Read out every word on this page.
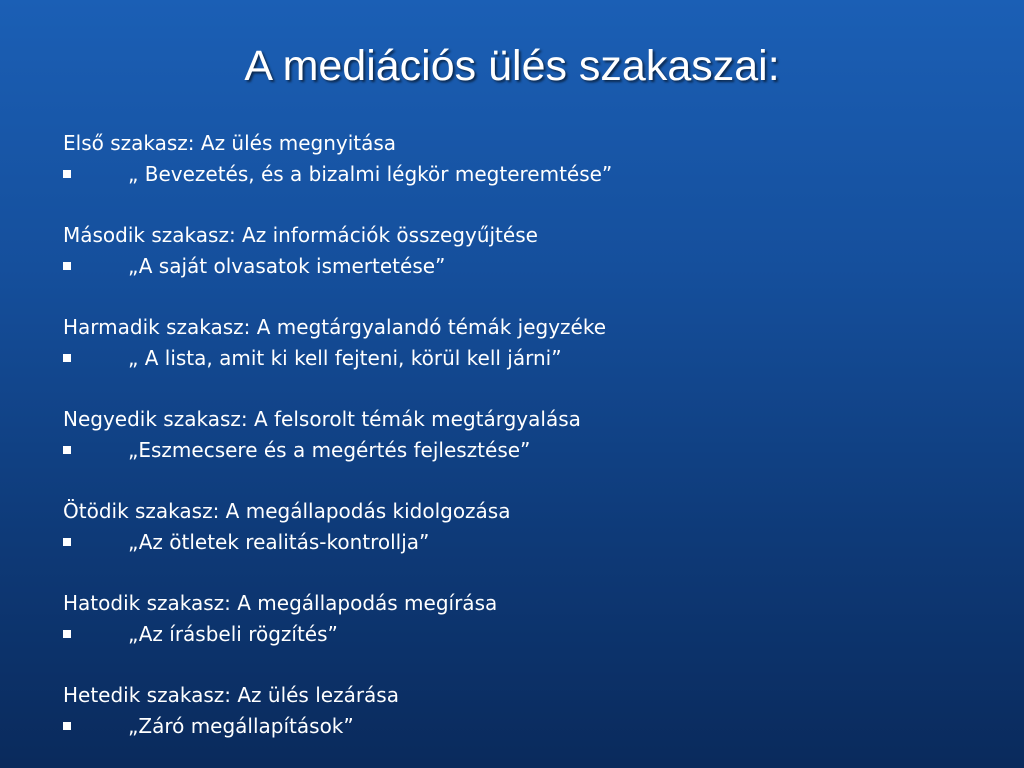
A mediációs ülés szakaszai:
Első szakasz: Az ülés megnyitása
„ Bevezetés, és a bizalmi légkör megteremtése”
Második szakasz: Az információk összegyűjtése
„A saját olvasatok ismertetése”
Harmadik szakasz: A megtárgyalandó témák jegyzéke
„ A lista, amit ki kell fejteni, körül kell járni”
Negyedik szakasz: A felsorolt témák megtárgyalása
„Eszmecsere és a megértés fejlesztése”
Ötödik szakasz: A megállapodás kidolgozása
„Az ötletek realitás-kontrollja”
Hatodik szakasz: A megállapodás megírása
„Az írásbeli rögzítés”
Hetedik szakasz: Az ülés lezárása
„Záró megállapítások”
